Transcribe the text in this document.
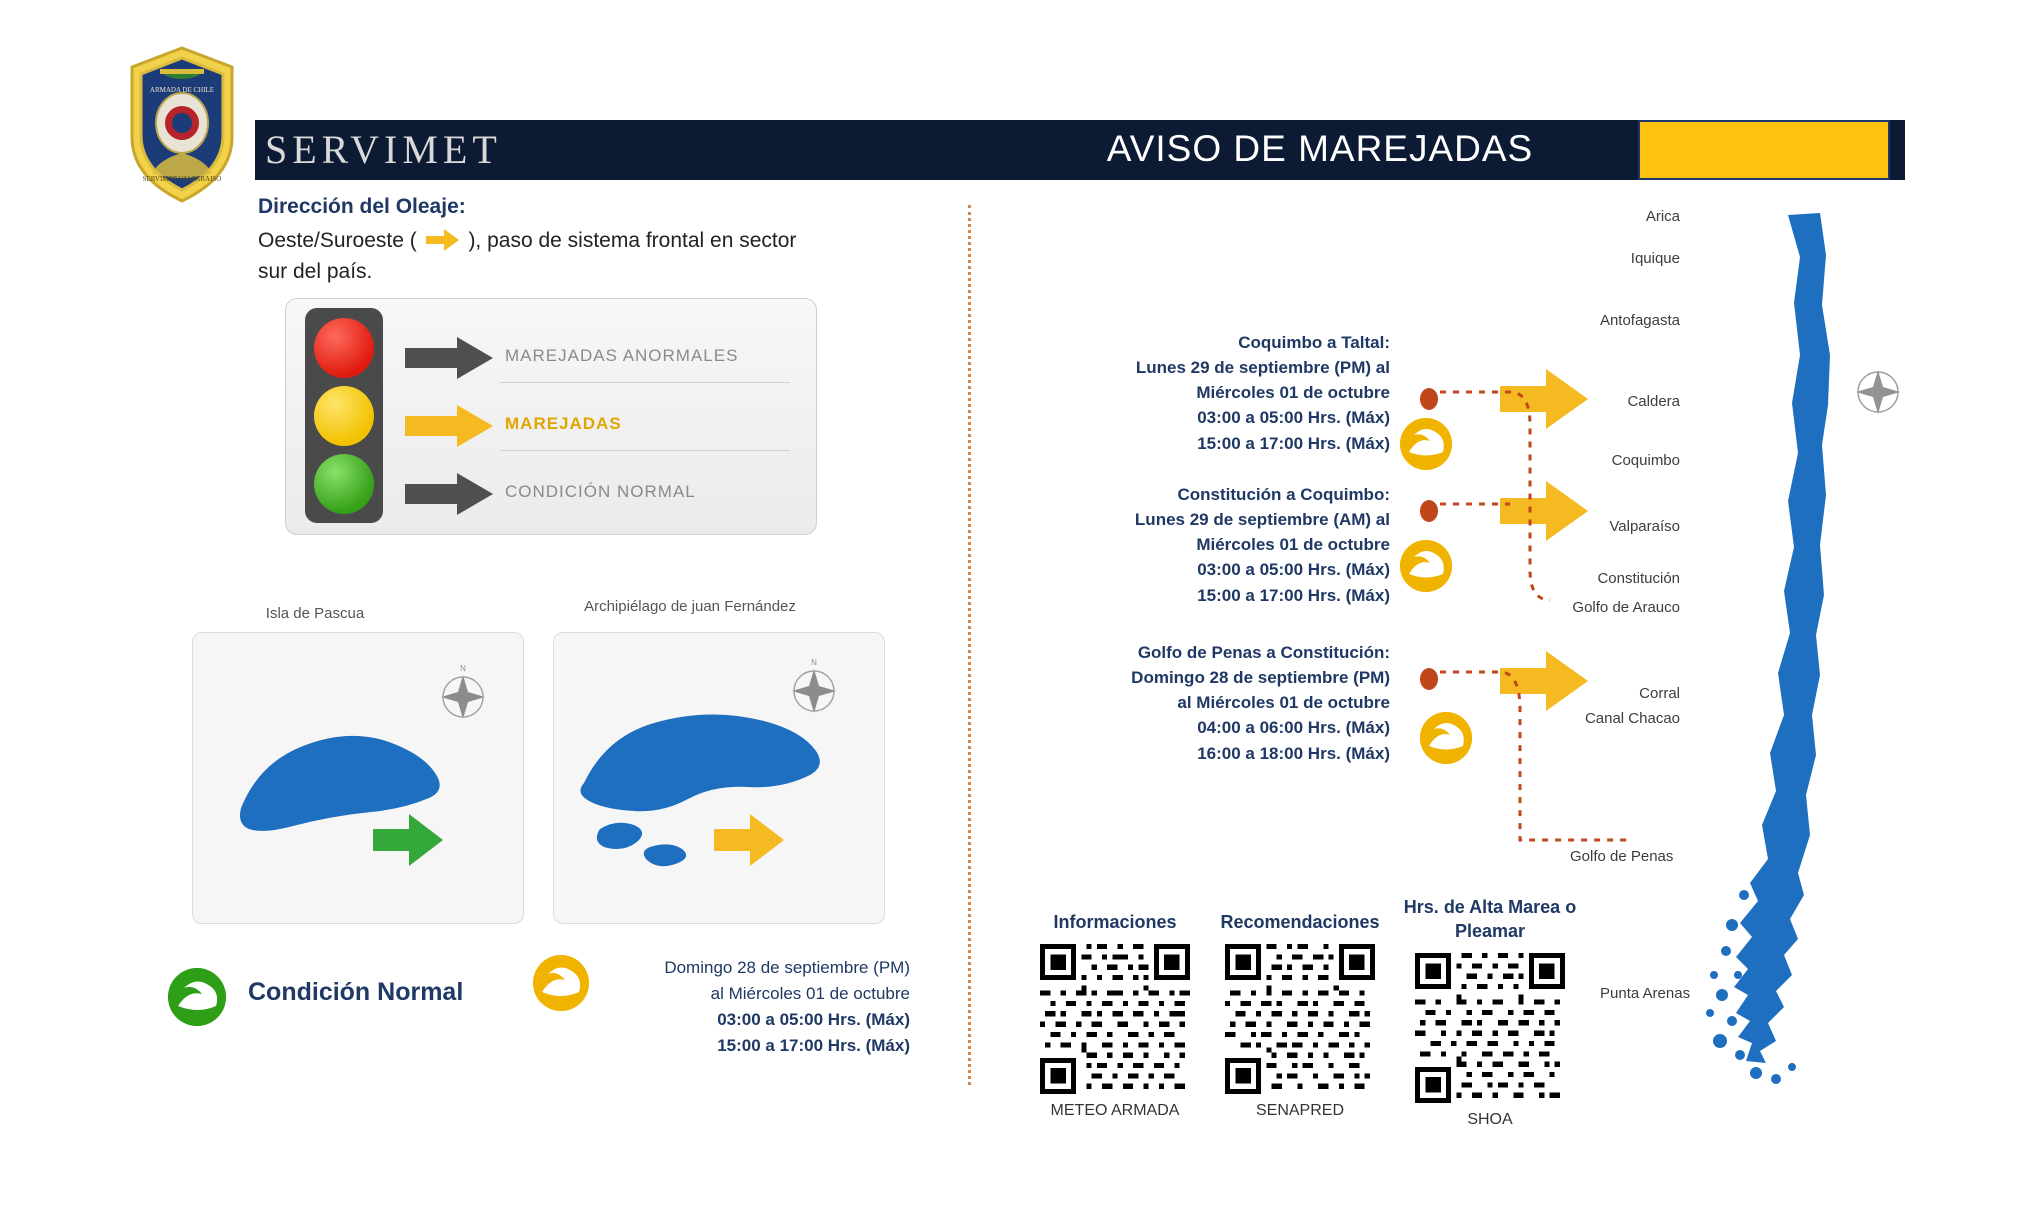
ARMADA DE CHILE
SERVIMET VALPARAISO
SERVIMET	AVISO DE MAREJADAS
Dirección del Oleaje:
Oeste/Suroeste ( ), paso de sistema frontal en sector sur del país.
MAREJADAS ANORMALES
MAREJADAS
CONDICIÓN NORMAL
Isla de Pascua
N
Archipiélago de juan Fernández
N
Condición Normal
Domingo 28 de septiembre (PM)
al Miércoles 01 de octubre
03:00 a 05:00 Hrs. (Máx)
15:00 a 17:00 Hrs. (Máx)
Coquimbo a Taltal:
Lunes 29 de septiembre (PM) al
Miércoles 01 de octubre
03:00 a 05:00 Hrs. (Máx)
15:00 a 17:00 Hrs. (Máx)
Constitución a Coquimbo:
Lunes 29 de septiembre (AM) al
Miércoles 01 de octubre
03:00 a 05:00 Hrs. (Máx)
15:00 a 17:00 Hrs. (Máx)
Golfo de Penas a Constitución:
Domingo 28 de septiembre (PM)
al Miércoles 01 de octubre
04:00 a 06:00 Hrs. (Máx)
16:00 a 18:00 Hrs. (Máx)
Informaciones
METEO ARMADA
Recomendaciones
SENAPRED
Hrs. de Alta Marea o Pleamar
SHOA
Arica
Iquique
Antofagasta
Caldera
Coquimbo
Valparaíso
Constitución
Golfo de Arauco
Corral
Canal Chacao
Golfo de Penas
Punta Arenas
